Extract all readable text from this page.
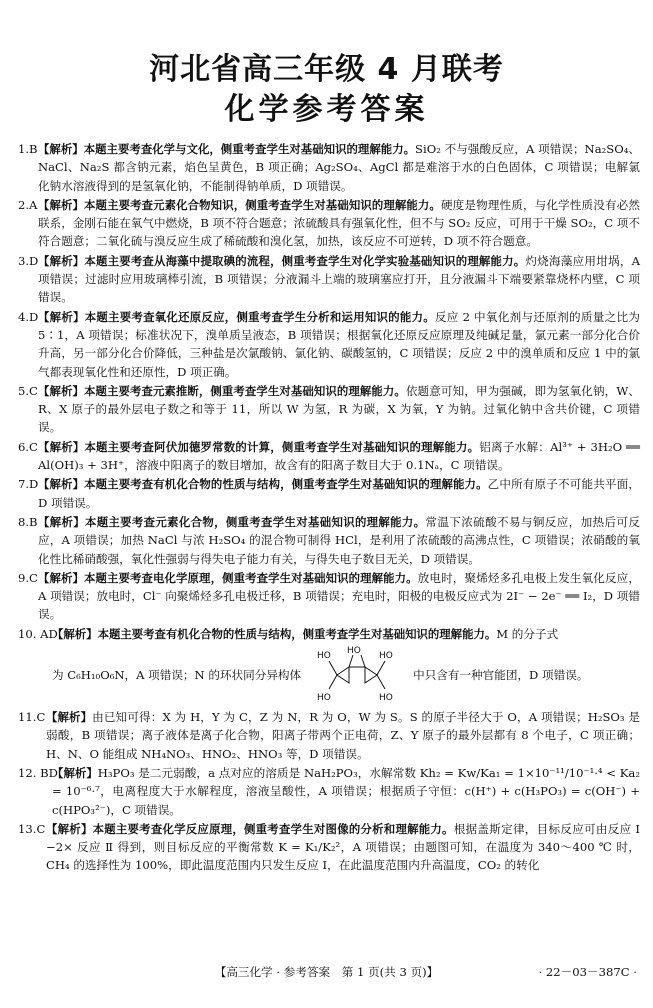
河北省高三年级 4 月联考
化学参考答案
1.B 【解析】本题主要考查化学与文化，侧重考查学生对基础知识的理解能力。SiO₂ 不与强酸反应，A 项错误；Na₂SO₄、NaCl、Na₂S 都含钠元素，焰色呈黄色，B 项正确；Ag₂SO₄、AgCl 都是难溶于水的白色固体，C 项错误；电解氯化钠水溶液得到的是氢氧化钠，不能制得钠单质，D 项错误。
2.A 【解析】本题主要考查元素化合物知识，侧重考查学生对基础知识的理解能力。硬度是物理性质，与化学性质没有必然联系，金刚石能在氧气中燃烧，B 项不符合题意；浓硫酸具有强氧化性，但不与 SO₂ 反应，可用于干燥 SO₂，C 项不符合题意；二氧化硫与溴反应生成了稀硫酸和溴化氢，加热，该反应不可逆转，D 项不符合题意。
3.D 【解析】本题主要考查从海藻中提取碘的流程，侧重考查学生对化学实验基础知识的理解能力。灼烧海藻应用坩埚，A 项错误；过滤时应用玻璃棒引流，B 项错误；分液漏斗上端的玻璃塞应打开，且分液漏斗下端要紧靠烧杯内壁，C 项错误。
4.D 【解析】本题主要考查氧化还原反应，侧重考查学生分析和运用知识的能力。反应 2 中氧化剂与还原剂的质量之比为 5∶1，A 项错误；标准状况下，溴单质呈液态，B 项错误；根据氧化还原反应原理及纯碱足量，氯元素一部分化合价升高，另一部分化合价降低，三种盐是次氯酸钠、氯化钠、碳酸氢钠，C 项错误；反应 2 中的溴单质和反应 1 中的氯气都表现氧化性和还原性，D 项正确。
5.C 【解析】本题主要考查元素推断，侧重考查学生对基础知识的理解能力。依题意可知，甲为强碱，即为氢氧化钠，W、R、X 原子的最外层电子数之和等于 11，所以 W 为氢，R 为碳，X 为氧，Y 为钠。过氧化钠中含共价键，C 项错误。
6.C 【解析】本题主要考查阿伏加德罗常数的计算，侧重考查学生对基础知识的理解能力。铝离子水解：Al³⁺ + 3H₂O ══ Al(OH)₃ + 3H⁺，溶液中阳离子的数目增加，故含有的阳离子数目大于 0.1Nₐ，C 项错误。
7.D 【解析】本题主要考查有机化合物的性质与结构，侧重考查学生对基础知识的理解能力。乙中所有原子不可能共平面，D 项错误。
8.B 【解析】本题主要考查元素化合物，侧重考查学生对基础知识的理解能力。常温下浓硫酸不易与铜反应，加热后可反应，A 项错误；加热 NaCl 与浓 H₂SO₄ 的混合物可制得 HCl，是利用了浓硫酸的高沸点性，C 项错误；浓硝酸的氧化性比稀硝酸强，氧化性强弱与得失电子能力有关，与得失电子数目无关，D 项错误。
9.C 【解析】本题主要考查电化学原理，侧重考查学生对基础知识的理解能力。放电时，聚烯烃多孔电极上发生氧化反应，A 项错误；放电时，Cl⁻ 向聚烯烃多孔电极迁移，B 项错误；充电时，阳极的电极反应式为 2I⁻ − 2e⁻ ══ I₂，D 项错误。
10. AD
【解析】本题主要考查有机化合物的性质与结构，侧重考查学生对基础知识的理解能力。M 的分子式
为 C₆H₁₀O₆N，A 项错误；N 的环状同分异构体
HO
HO
HO HO
HO
中只含有一种官能团，D 项错误。
11.C 【解析】由已知可得：X 为 H，Y 为 C，Z 为 N，R 为 O，W 为 S。S 的原子半径大于 O，A 项错误；H₂SO₃ 是弱酸，B 项错误；离子液体是离子化合物，阳离子带两个正电荷，Z、Y 原子的最外层都有 8 个电子，C 项正确；H、N、O 能组成 NH₄NO₃、HNO₂、HNO₃ 等，D 项错误。
12. BD
【解析】H₃PO₃ 是二元弱酸，a 点对应的溶质是 NaH₂PO₃，水解常数 Kh₂ = Kw/Ka₁ = 1×10⁻¹¹/10⁻¹·⁴ < Ka₂ = 10⁻⁶·⁷，电离程度大于水解程度，溶液呈酸性，A 项错误；根据质子守恒：c(H⁺) + c(H₃PO₃) = c(OH⁻) + c(HPO₃²⁻)，C 项错误。
13.C 【解析】本题主要考查化学反应原理，侧重考查学生对图像的分析和理解能力。根据盖斯定律，目标反应可由反应 Ⅰ −2× 反应 Ⅱ 得到，则目标反应的平衡常数 K = K₁/K₂²，A 项错误；由题图可知，在温度为 340～400 ℃ 时，CH₄ 的选择性为 100%，即此温度范围内只发生反应 Ⅰ，在此温度范围内升高温度，CO₂ 的转化
【高三化学 · 参考答案　第 1 页(共 3 页)】	· 22－03－387C ·
